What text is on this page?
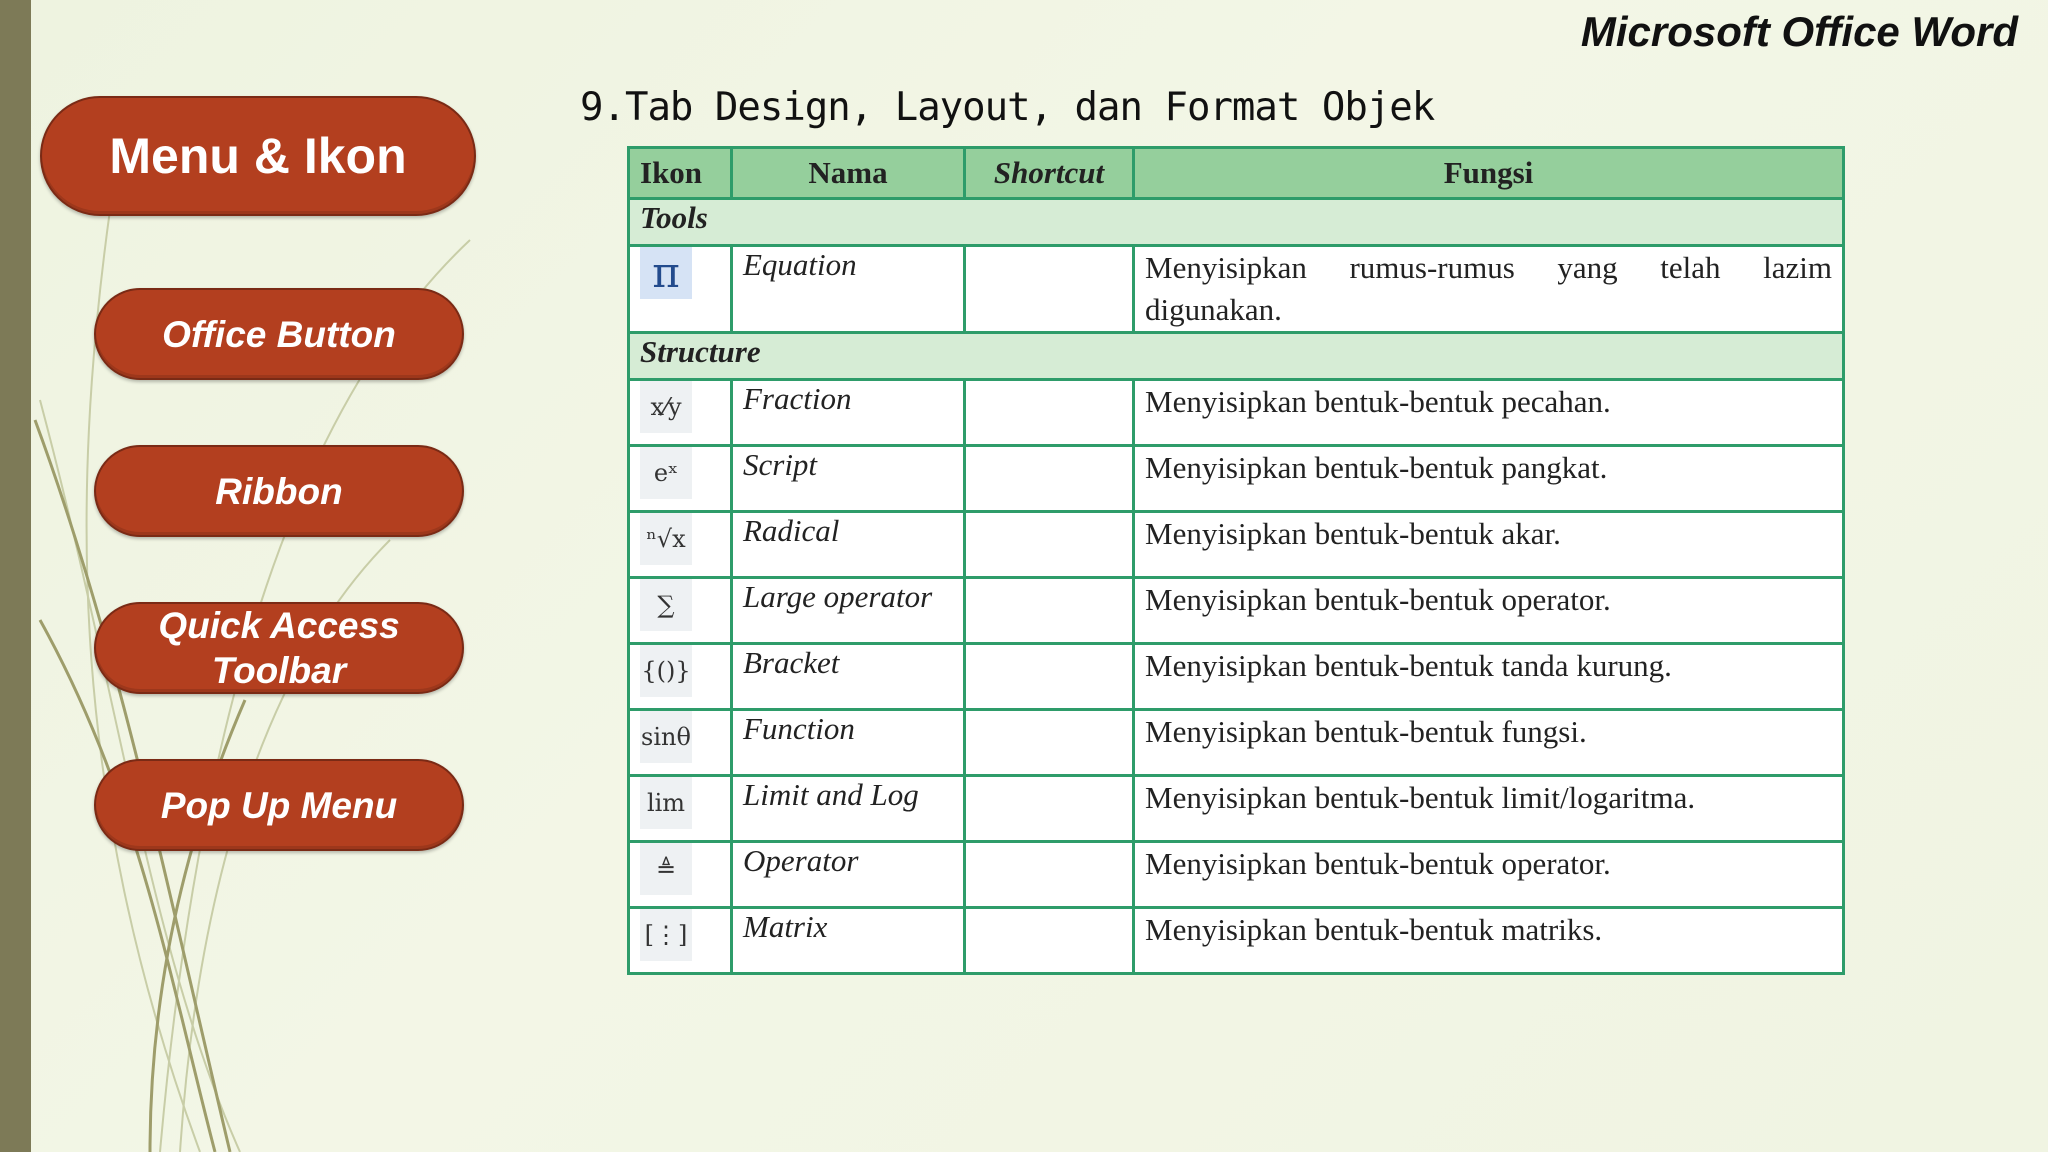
Microsoft Office Word
Menu & Ikon
Office Button
Ribbon
Quick Access Toolbar
Pop Up Menu
9.Tab Design, Layout, dan Format Objek
Ikon	Nama	Shortcut	Fungsi
Tools			
π	Equation		Menyisipkan rumus-rumus yang telah lazim digunakan.
Structure			
x⁄y	Fraction		Menyisipkan bentuk-bentuk pecahan.
eˣ	Script		Menyisipkan bentuk-bentuk pangkat.
ⁿ√x	Radical		Menyisipkan bentuk-bentuk akar.
∑	Large operator		Menyisipkan bentuk-bentuk operator.
{()}	Bracket		Menyisipkan bentuk-bentuk tanda kurung.
sinθ	Function		Menyisipkan bentuk-bentuk fungsi.
lim	Limit and Log		Menyisipkan bentuk-bentuk limit/logaritma.
≜	Operator		Menyisipkan bentuk-bentuk operator.
[⋮]	Matrix		Menyisipkan bentuk-bentuk matriks.
